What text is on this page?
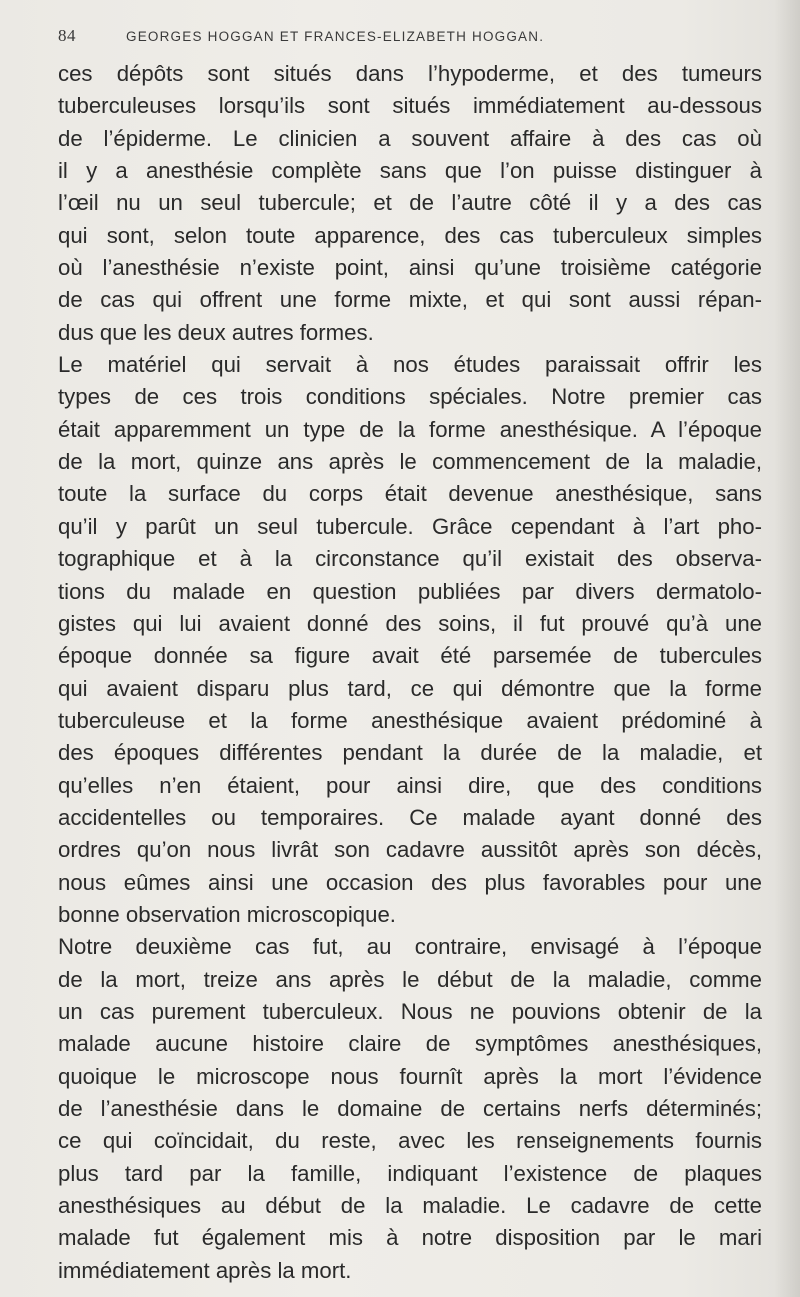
84	GEORGES HOGGAN ET FRANCES-ELIZABETH HOGGAN.
ces dépôts sont situés dans l’hypoderme, et des tumeurs
tuberculeuses lorsqu’ils sont situés immédiatement au-dessous
de l’épiderme. Le clinicien a souvent affaire à des cas où
il y a anesthésie complète sans que l’on puisse distinguer à
l’œil nu un seul tubercule; et de l’autre côté il y a des cas
qui sont, selon toute apparence, des cas tuberculeux simples
où l’anesthésie n’existe point, ainsi qu’une troisième catégorie
de cas qui offrent une forme mixte, et qui sont aussi répan-
dus que les deux autres formes.
Le matériel qui servait à nos études paraissait offrir les
types de ces trois conditions spéciales. Notre premier cas
était apparemment un type de la forme anesthésique. A l’époque
de la mort, quinze ans après le commencement de la maladie,
toute la surface du corps était devenue anesthésique, sans
qu’il y parût un seul tubercule. Grâce cependant à l’art pho-
tographique et à la circonstance qu’il existait des observa-
tions du malade en question publiées par divers dermatolo-
gistes qui lui avaient donné des soins, il fut prouvé qu’à une
époque donnée sa figure avait été parsemée de tubercules
qui avaient disparu plus tard, ce qui démontre que la forme
tuberculeuse et la forme anesthésique avaient prédominé à
des époques différentes pendant la durée de la maladie, et
qu’elles n’en étaient, pour ainsi dire, que des conditions
accidentelles ou temporaires. Ce malade ayant donné des
ordres qu’on nous livrât son cadavre aussitôt après son décès,
nous eûmes ainsi une occasion des plus favorables pour une
bonne observation microscopique.
Notre deuxième cas fut, au contraire, envisagé à l’époque
de la mort, treize ans après le début de la maladie, comme
un cas purement tuberculeux. Nous ne pouvions obtenir de la
malade aucune histoire claire de symptômes anesthésiques,
quoique le microscope nous fournît après la mort l’évidence
de l’anesthésie dans le domaine de certains nerfs déterminés;
ce qui coïncidait, du reste, avec les renseignements fournis
plus tard par la famille, indiquant l’existence de plaques
anesthésiques au début de la maladie. Le cadavre de cette
malade fut également mis à notre disposition par le mari
immédiatement après la mort.
